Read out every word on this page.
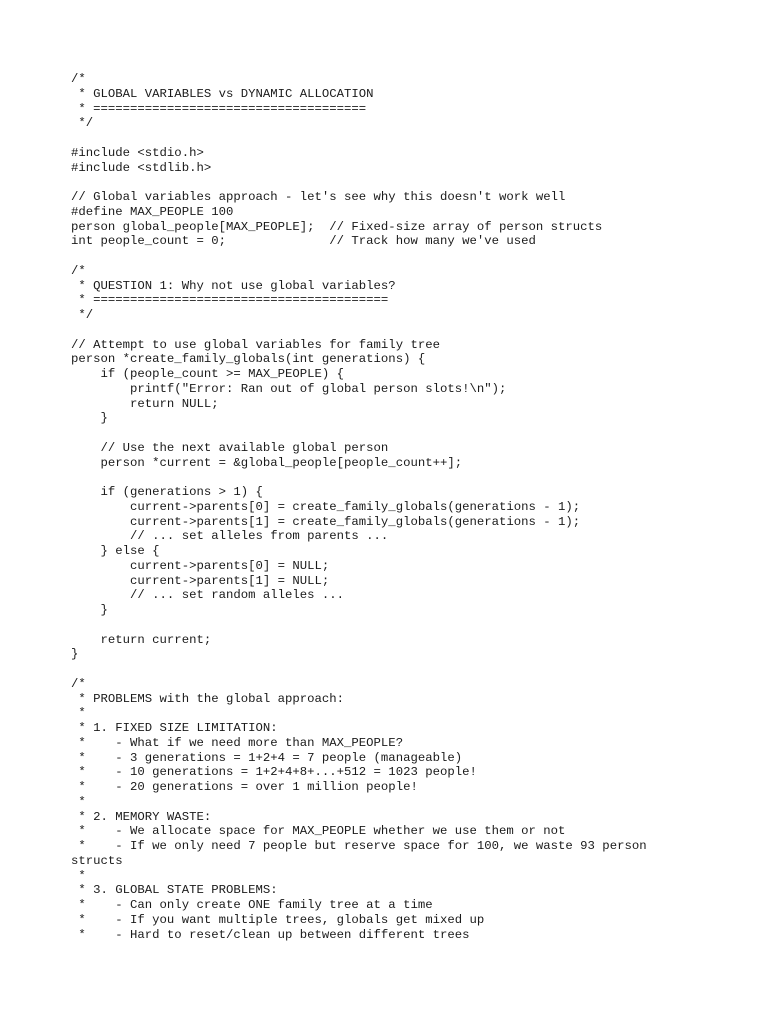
/*
* GLOBAL VARIABLES vs DYNAMIC ALLOCATION
* =====================================
*/
#include <stdio.h>
#include <stdlib.h>
// Global variables approach - let's see why this doesn't work well
#define MAX_PEOPLE 100
person global_people[MAX_PEOPLE];  // Fixed-size array of person structs
int people_count = 0;              // Track how many we've used
/*
* QUESTION 1: Why not use global variables?
* ========================================
*/
// Attempt to use global variables for family tree
person *create_family_globals(int generations) {
if (people_count >= MAX_PEOPLE) {
printf("Error: Ran out of global person slots!\n");
return NULL;
}
// Use the next available global person
person *current = &global_people[people_count++];
if (generations > 1) {
current->parents[0] = create_family_globals(generations - 1);
current->parents[1] = create_family_globals(generations - 1);
// ... set alleles from parents ...
} else {
current->parents[0] = NULL;
current->parents[1] = NULL;
// ... set random alleles ...
}
return current;
}
/*
* PROBLEMS with the global approach:
*
* 1. FIXED SIZE LIMITATION:
*    - What if we need more than MAX_PEOPLE?
*    - 3 generations = 1+2+4 = 7 people (manageable)
*    - 10 generations = 1+2+4+8+...+512 = 1023 people!
*    - 20 generations = over 1 million people!
*
* 2. MEMORY WASTE:
*    - We allocate space for MAX_PEOPLE whether we use them or not
*    - If we only need 7 people but reserve space for 100, we waste 93 person
structs
*
* 3. GLOBAL STATE PROBLEMS:
*    - Can only create ONE family tree at a time
*    - If you want multiple trees, globals get mixed up
*    - Hard to reset/clean up between different trees
